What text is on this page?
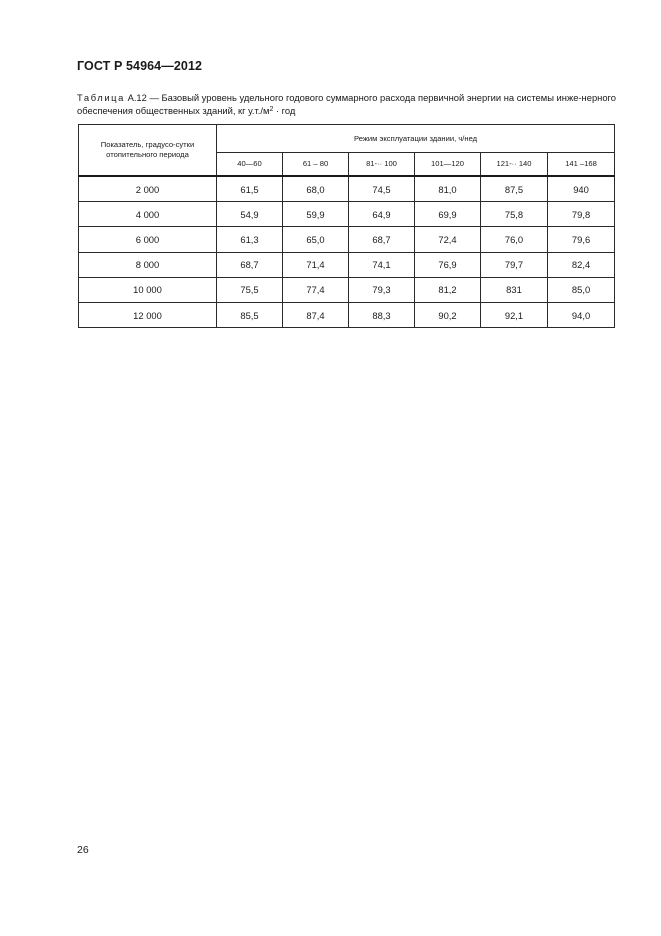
ГОСТ Р 54964—2012
Таблица А.12 — Базовый уровень удельного годового суммарного расхода первичной энергии на системы инже-нерного обеспечения общественных зданий, кг $у.т./м^2$ · год
Показатель, градусо-сутки отопительного периода	Режим эксплуатации здании, ч/нед					
	40—60	61 – 80	81-·· 100	101—120	121-·· 140	141 –168
2 000	61,5	68,0	74,5	81,0	87,5	940
4 000	54,9	59,9	64,9	69,9	75,8	79,8
6 000	61,3	65,0	68,7	72,4	76,0	79,6
8 000	68,7	71,4	74,1	76,9	79,7	82,4
10 000	75,5	77,4	79,3	81,2	831	85,0
12 000	85,5	87,4	88,3	90,2	92,1	94,0
26
